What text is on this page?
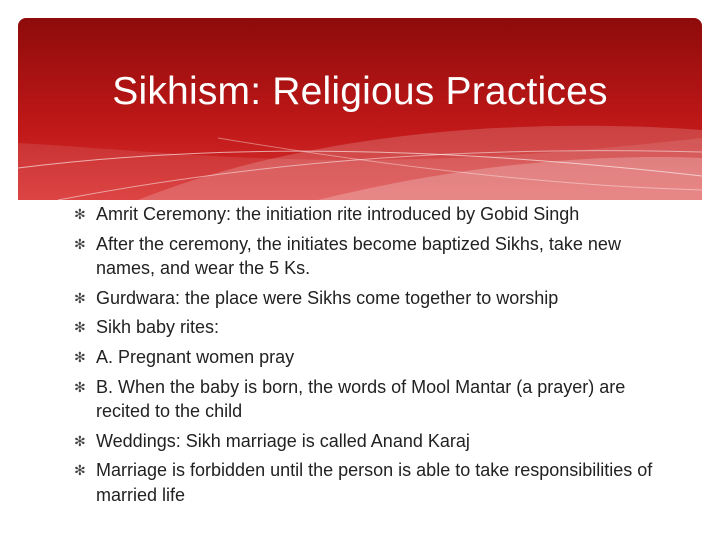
Sikhism: Religious Practices
✻ Amrit Ceremony: the initiation rite introduced by Gobid Singh
✻ After the ceremony, the initiates become baptized Sikhs, take new names, and wear the 5 Ks.
✻ Gurdwara: the place were Sikhs come together to worship
✻ Sikh baby rites:
✻ A. Pregnant women pray
✻ B. When the baby is born, the words of Mool Mantar (a prayer) are recited to the child
✻ Weddings: Sikh marriage is called Anand Karaj
✻ Marriage is forbidden until the person is able to take responsibilities of married life
